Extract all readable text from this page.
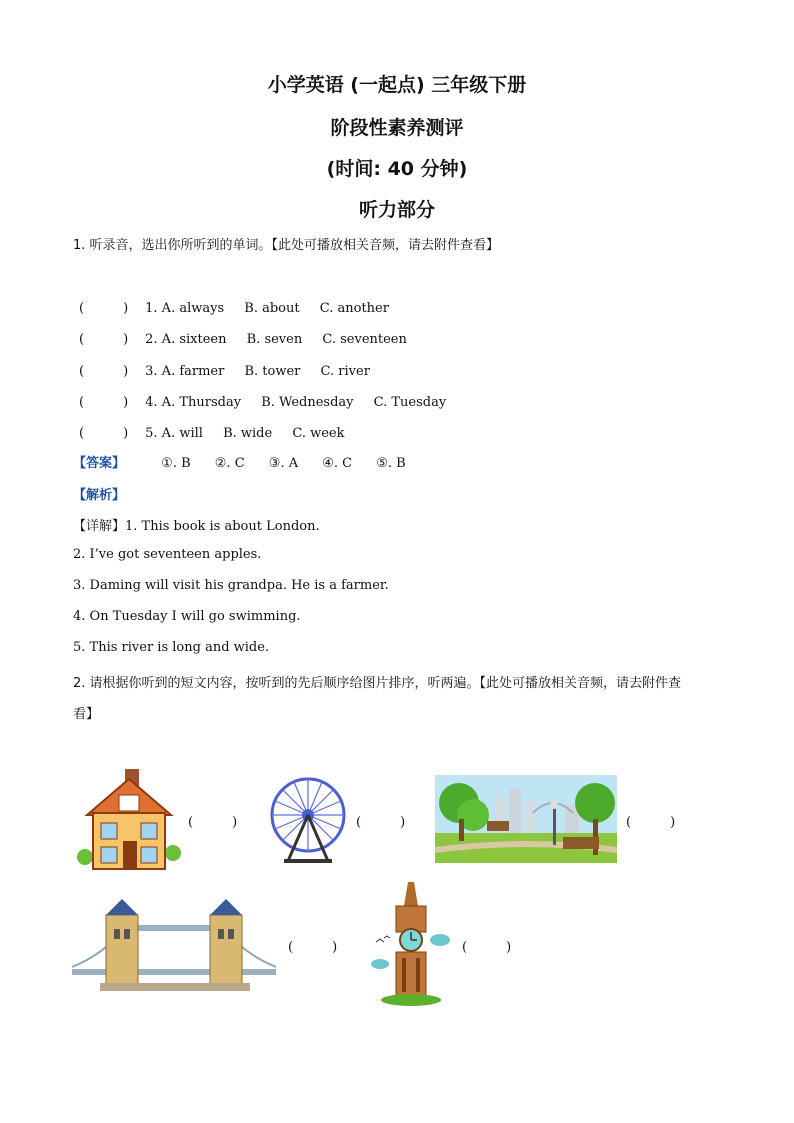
小学英语 (一起点) 三年级下册
阶段性素养测评
(时间: 40 分钟)
听力部分
1. 听录音，选出你所听到的单词。【此处可播放相关音频，请去附件查看】
(　　　) 1. A. always B. about C. another
(　　　) 2. A. sixteen B. seven C. seventeen
(　　　) 3. A. farmer B. tower C. river
(　　　) 4. A. Thursday B. Wednesday C. Tuesday
(　　　) 5. A. will B. wide C. week
【答案】	①. B ②. C ③. A ④. C ⑤. B
【解析】
【详解】1. This book is about London.
2. I’ve got seventeen apples.
3. Daming will visit his grandpa. He is a farmer.
4. On Tuesday I will go swimming.
5. This river is long and wide.
2. 请根据你听到的短文内容，按听到的先后顺序给图片排序，听两遍。【此处可播放相关音频，请去附件查
看】
(　　　)	(　　　)	(　　　)
(　　　)	(　　　)
